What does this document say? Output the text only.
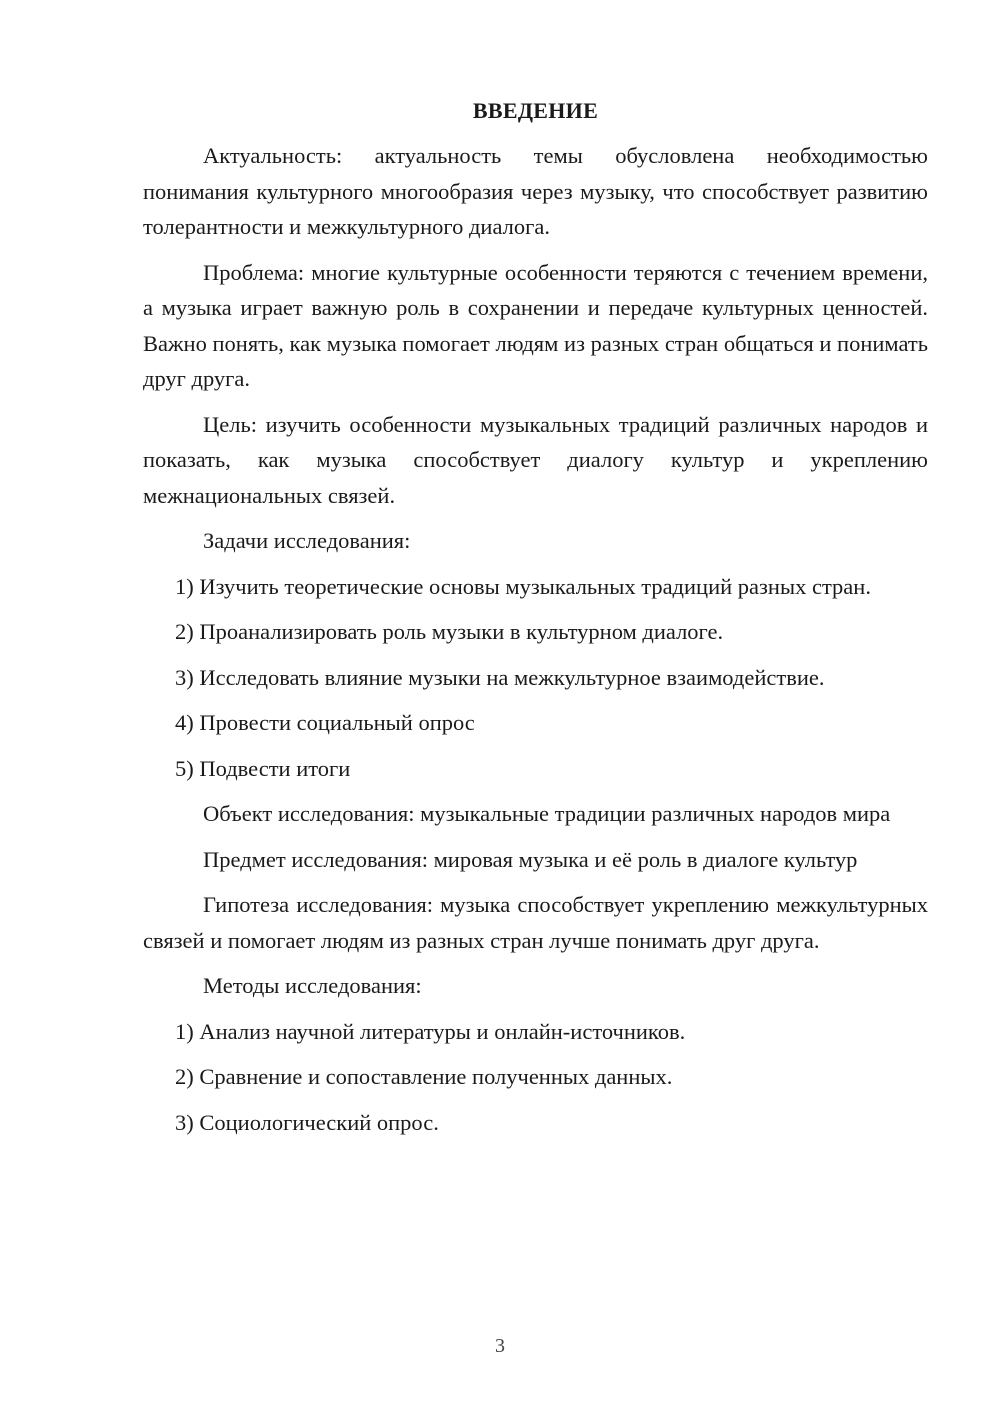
ВВЕДЕНИЕ

Актуальность: актуальность темы обусловлена необходимостью понимания культурного многообразия через музыку, что способствует развитию толерантности и межкультурного диалога.

Проблема: многие культурные особенности теряются с течением времени, а музыка играет важную роль в сохранении и передаче культурных ценностей. Важно понять, как музыка помогает людям из разных стран общаться и понимать друг друга.

Цель: изучить особенности музыкальных традиций различных народов и показать, как музыка способствует диалогу культур и укреплению межнациональных связей.

Задачи исследования:

1) Изучить теоретические основы музыкальных традиций разных стран.

2) Проанализировать роль музыки в культурном диалоге.

3) Исследовать влияние музыки на межкультурное взаимодействие.

4) Провести социальный опрос

5) Подвести итоги

Объект исследования: музыкальные традиции различных народов мира

Предмет исследования: мировая музыка и её роль в диалоге культур

Гипотеза исследования: музыка способствует укреплению межкультурных связей и помогает людям из разных стран лучше понимать друг друга.

Методы исследования:

1) Анализ научной литературы и онлайн-источников.

2) Сравнение и сопоставление полученных данных.

3) Социологический опрос.

3
